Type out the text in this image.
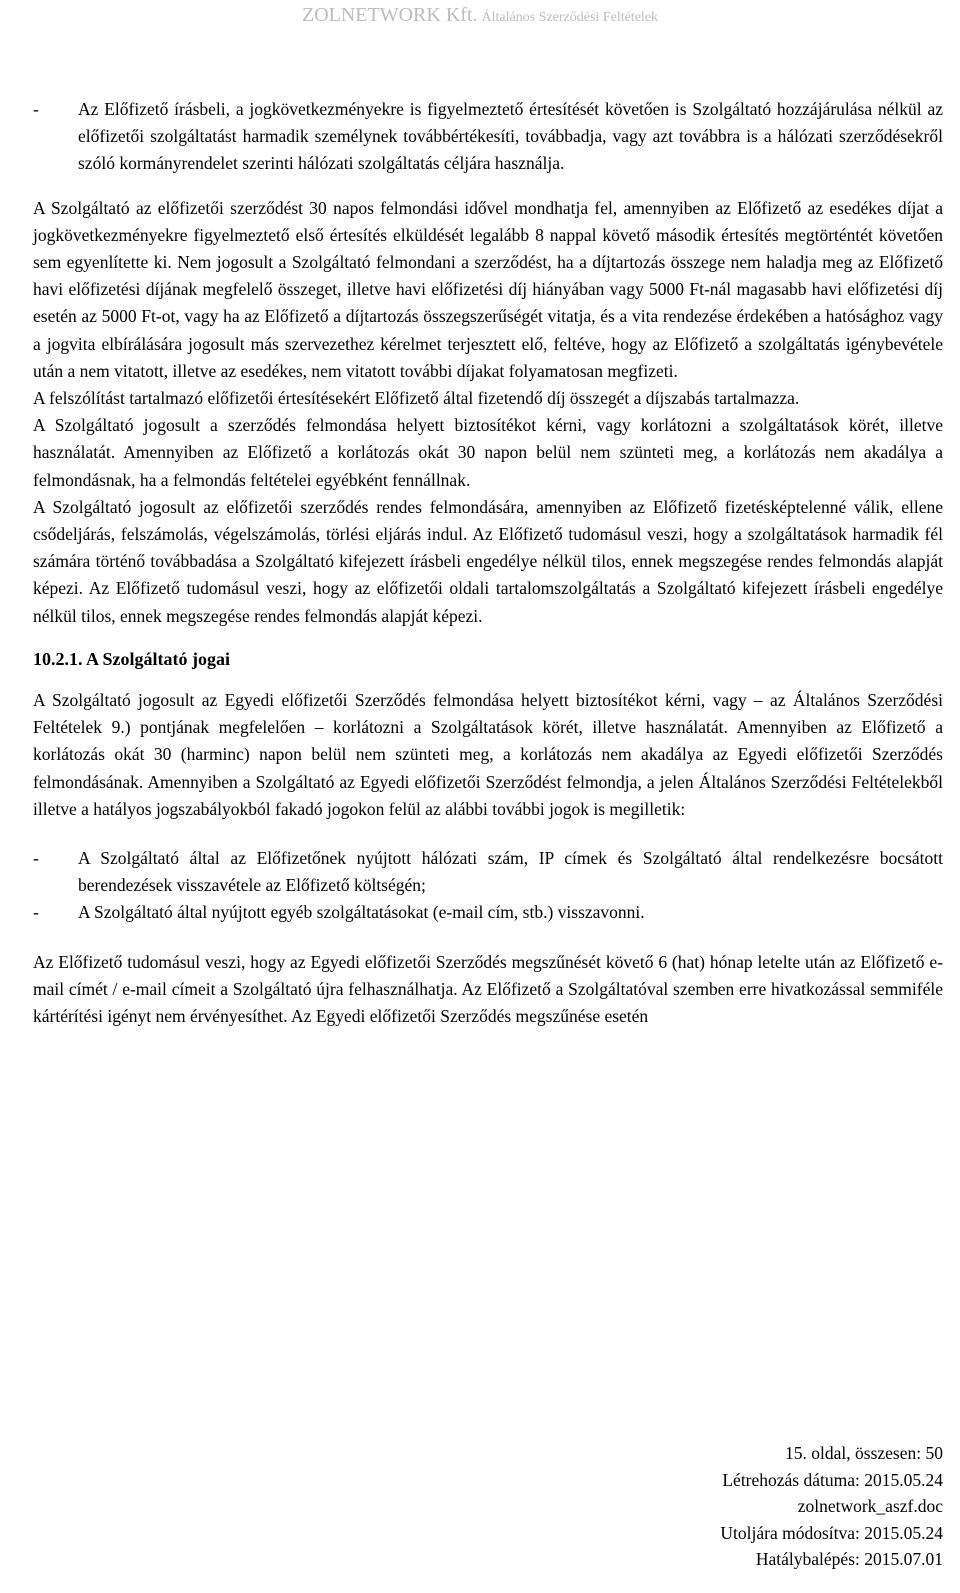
ZOLNETWORK Kft. Általános Szerződési Feltételek
-	Az Előfizető írásbeli, a jogkövetkezményekre is figyelmeztető értesítését követően is Szolgáltató hozzájárulása nélkül az előfizetői szolgáltatást harmadik személynek továbbértékesíti, továbbadja, vagy azt továbbra is a hálózati szerződésekről szóló kormányrendelet szerinti hálózati szolgáltatás céljára használja.

A Szolgáltató az előfizetői szerződést 30 napos felmondási idővel mondhatja fel, amennyiben az Előfizető az esedékes díjat a jogkövetkezményekre figyelmeztető első értesítés elküldését legalább 8 nappal követő második értesítés megtörténtét követően sem egyenlítette ki. Nem jogosult a Szolgáltató felmondani a szerződést, ha a díjtartozás összege nem haladja meg az Előfizető havi előfizetési díjának megfelelő összeget, illetve havi előfizetési díj hiányában vagy 5000 Ft-nál magasabb havi előfizetési díj esetén az 5000 Ft-ot, vagy ha az Előfizető a díjtartozás összegszerűségét vitatja, és a vita rendezése érdekében a hatósághoz vagy a jogvita elbírálására jogosult más szervezethez kérelmet terjesztett elő, feltéve, hogy az Előfizető a szolgáltatás igénybevétele után a nem vitatott, illetve az esedékes, nem vitatott további díjakat folyamatosan megfizeti.

A felszólítást tartalmazó előfizetői értesítésekért Előfizető által fizetendő díj összegét a díjszabás tartalmazza.

A Szolgáltató jogosult a szerződés felmondása helyett biztosítékot kérni, vagy korlátozni a szolgáltatások körét, illetve használatát. Amennyiben az Előfizető a korlátozás okát 30 napon belül nem szünteti meg, a korlátozás nem akadálya a felmondásnak, ha a felmondás feltételei egyébként fennállnak.

A Szolgáltató jogosult az előfizetői szerződés rendes felmondására, amennyiben az Előfizető fizetésképtelenné válik, ellene csődeljárás, felszámolás, végelszámolás, törlési eljárás indul. Az Előfizető tudomásul veszi, hogy a szolgáltatások harmadik fél számára történő továbbadása a Szolgáltató kifejezett írásbeli engedélye nélkül tilos, ennek megszegése rendes felmondás alapját képezi. Az Előfizető tudomásul veszi, hogy az előfizetői oldali tartalomszolgáltatás a Szolgáltató kifejezett írásbeli engedélye nélkül tilos, ennek megszegése rendes felmondás alapját képezi.

10.2.1. A Szolgáltató jogai

A Szolgáltató jogosult az Egyedi előfizetői Szerződés felmondása helyett biztosítékot kérni, vagy – az Általános Szerződési Feltételek 9.) pontjának megfelelően – korlátozni a Szolgáltatások körét, illetve használatát. Amennyiben az Előfizető a korlátozás okát 30 (harminc) napon belül nem szünteti meg, a korlátozás nem akadálya az Egyedi előfizetői Szerződés felmondásának. Amennyiben a Szolgáltató az Egyedi előfizetői Szerződést felmondja, a jelen Általános Szerződési Feltételekből illetve a hatályos jogszabályokból fakadó jogokon felül az alábbi további jogok is megilletik:

-	A Szolgáltató által az Előfizetőnek nyújtott hálózati szám, IP címek és Szolgáltató által rendelkezésre bocsátott berendezések visszavétele az Előfizető költségén;
-	A Szolgáltató által nyújtott egyéb szolgáltatásokat (e-mail cím, stb.) visszavonni.

Az Előfizető tudomásul veszi, hogy az Egyedi előfizetői Szerződés megszűnését követő 6 (hat) hónap letelte után az Előfizető e-mail címét / e-mail címeit a Szolgáltató újra felhasználhatja. Az Előfizető a Szolgáltatóval szemben erre hivatkozással semmiféle kártérítési igényt nem érvényesíthet. Az Egyedi előfizetői Szerződés megszűnése esetén

15. oldal, összesen: 50
Létrehozás dátuma: 2015.05.24
zolnetwork_aszf.doc
Utoljára módosítva: 2015.05.24
Hatálybalépés: 2015.07.01
